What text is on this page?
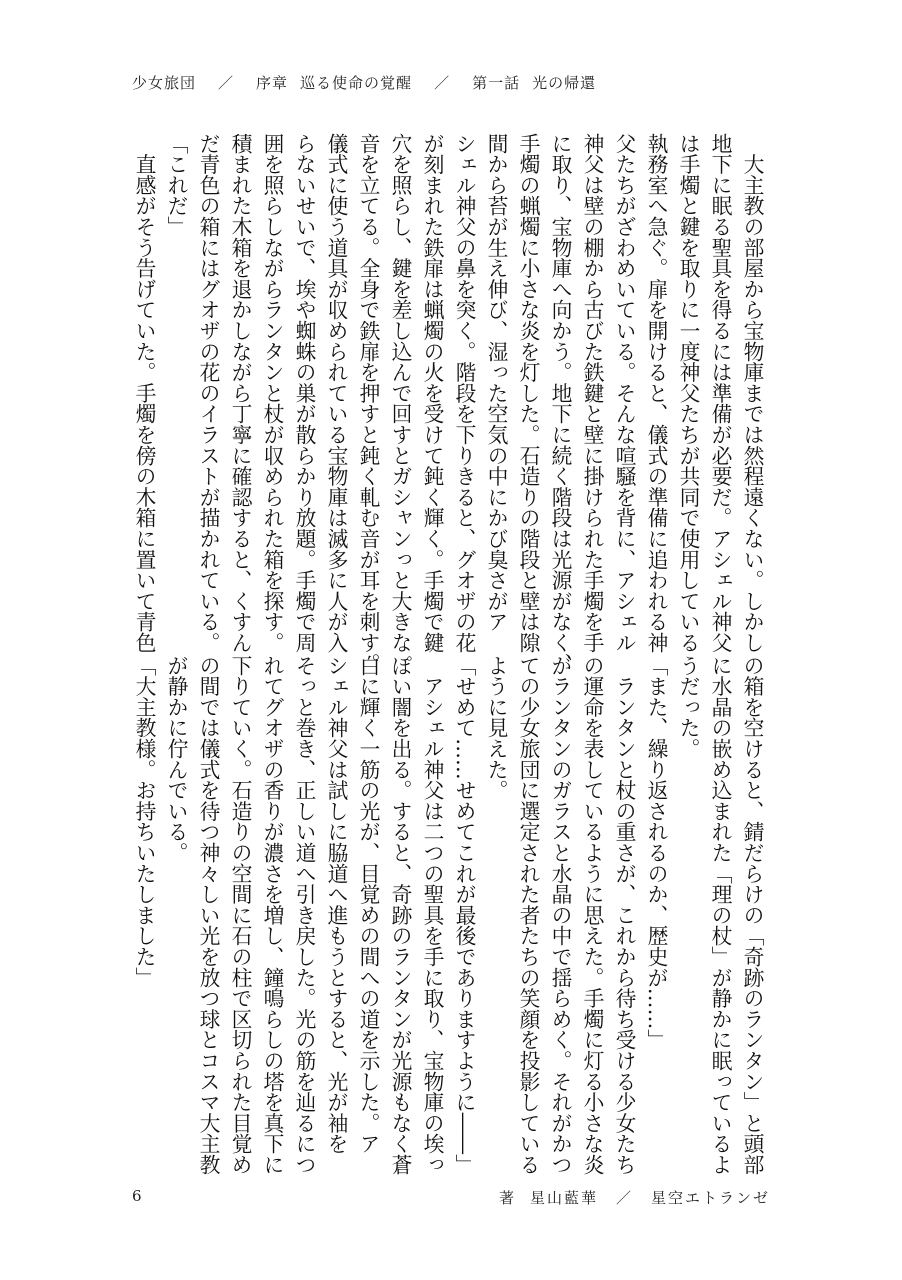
少女旅団 ／ 序章 巡る使命の覚醒 ／ 第一話 光の帰還
　大主教の部屋から宝物庫までは然程遠くない。しかし
地下に眠る聖具を得るには準備が必要だ。アシェル神父
は手燭と鍵を取りに一度神父たちが共同で使用している
執務室へ急ぐ。扉を開けると、儀式の準備に追われる神
父たちがざわめいている。そんな喧騒を背に、アシェル
神父は壁の棚から古びた鉄鍵と壁に掛けられた手燭を手
に取り、宝物庫へ向かう。地下に続く階段は光源がなく、
手燭の蝋燭に小さな炎を灯した。石造りの階段と壁は隙
間から苔が生え伸び、湿った空気の中にかび臭さがア
シェル神父の鼻を突く。階段を下りきると、グオザの花
が刻まれた鉄扉は蝋燭の火を受けて鈍く輝く。手燭で鍵
穴を照らし、鍵を差し込んで回すとガシャンっと大きな
音を立てる。全身で鉄扉を押すと鈍く軋む音が耳を刺す。
儀式に使う道具が収められている宝物庫は滅多に人が入
らないせいで、埃や蜘蛛の巣が散らかり放題。手燭で周
囲を照らしながらランタンと杖が収められた箱を探す。
積まれた木箱を退かしながら丁寧に確認すると、くすん
だ青色の箱にはグオザの花のイラストが描かれている。
「これだ」
　直感がそう告げていた。手燭を傍の木箱に置いて青色
の箱を空けると、錆だらけの「奇跡のランタン」と頭部
に水晶の嵌め込まれた「理の杖」が静かに眠っているよ
うだった。
「また、繰り返されるのか、歴史が……」
　ランタンと杖の重さが、これから待ち受ける少女たち
の運命を表しているように思えた。手燭に灯る小さな炎
がランタンのガラスと水晶の中で揺らめく。それがかつ
ての少女旅団に選定された者たちの笑顔を投影している
ように見えた。
「せめて……せめてこれが最後でありますように――」
　アシェル神父は二つの聖具を手に取り、宝物庫の埃っ
ぽい闇を出る。すると、奇跡のランタンが光源もなく蒼
白に輝く一筋の光が、目覚めの間への道を示した。ア
シェル神父は試しに脇道へ進もうとすると、光が袖を
そっと巻き、正しい道へ引き戻した。光の筋を辿るにつ
れてグオザの香りが濃さを増し、鐘鳴らしの塔を真下に
下りていく。石造りの空間に石の柱で区切られた目覚め
の間では儀式を待つ神々しい光を放つ球とコスマ大主教
が静かに佇んでいる。
「大主教様。お持ちいたしました」
6	著 星山藍華 ／ 星空エトランゼ
